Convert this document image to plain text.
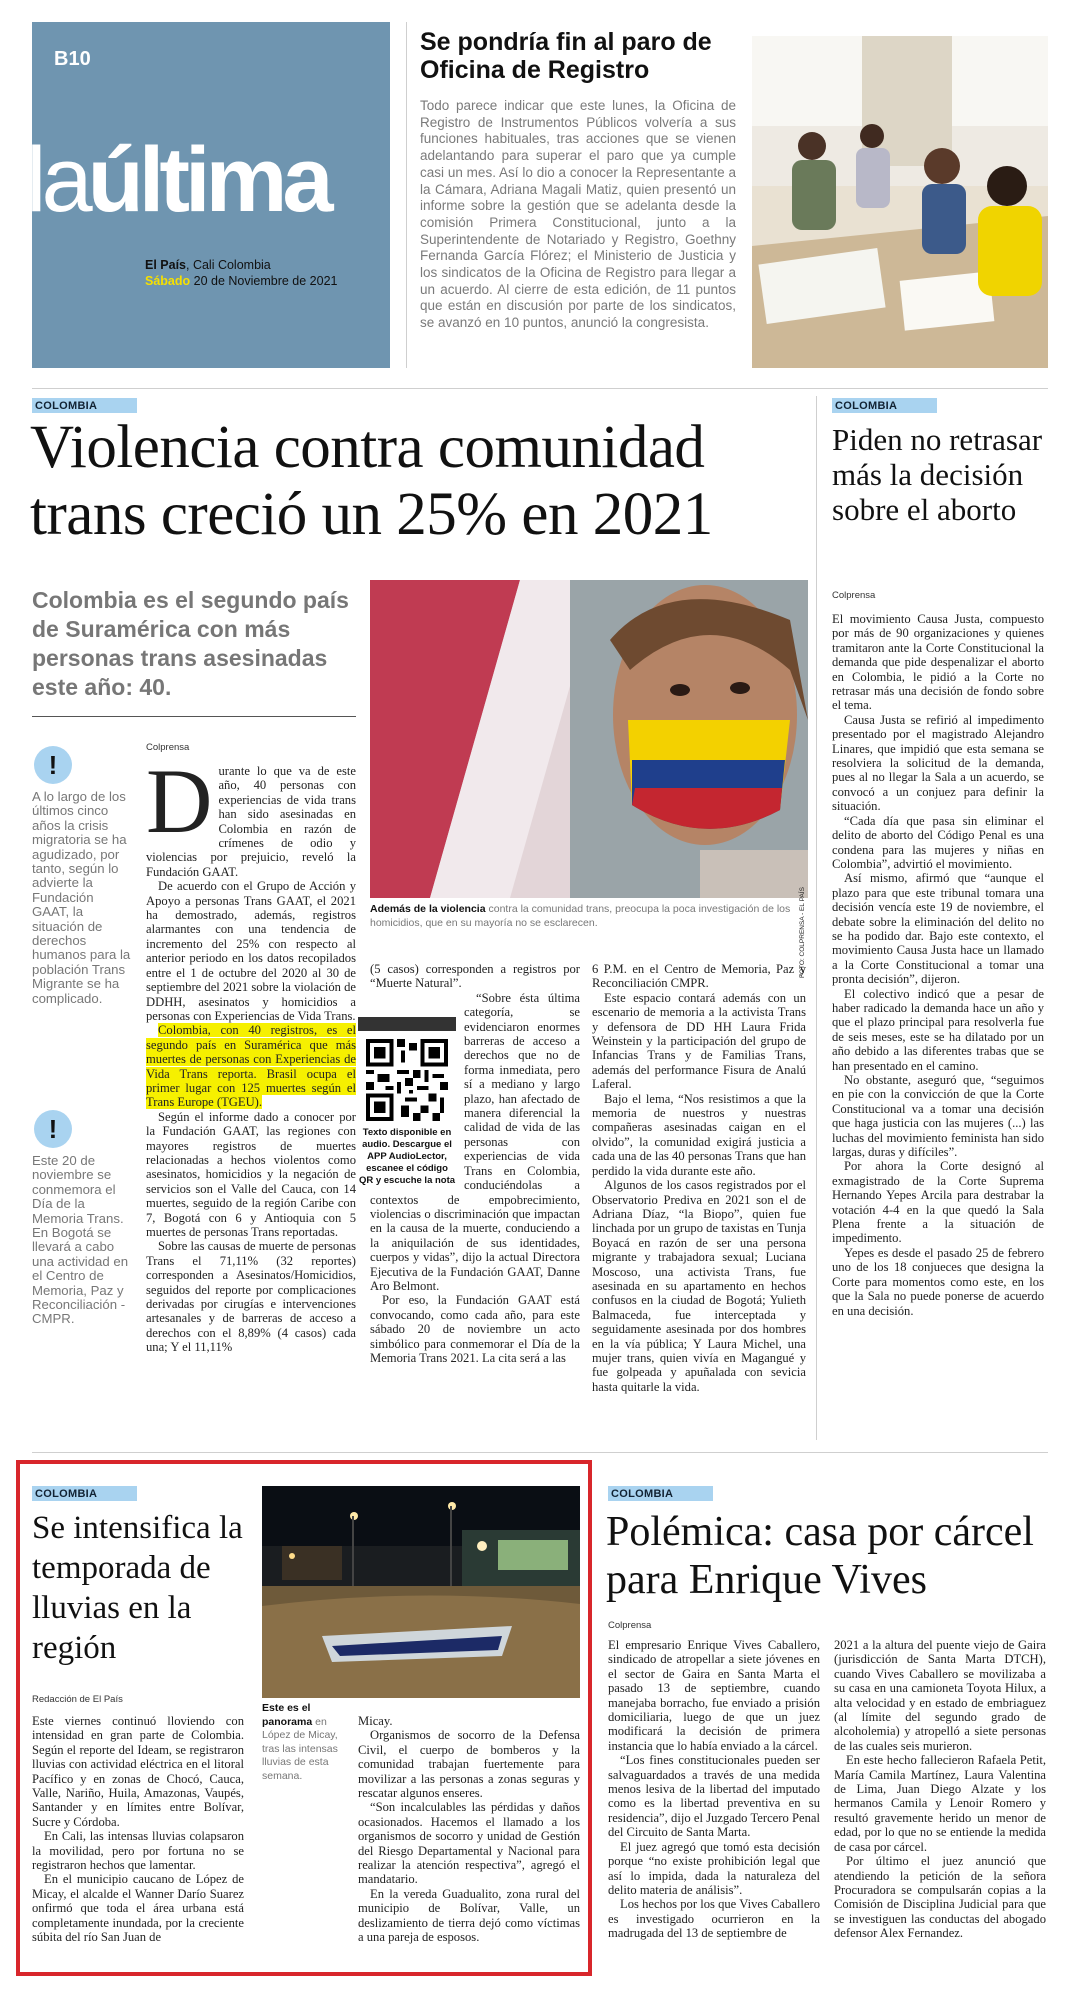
B10
laúltima
El País, Cali Colombia
Sábado 20 de Noviembre de 2021
Se pondría fin al paro de Oficina de Registro
Todo parece indicar que este lunes, la Oficina de Registro de Instrumentos Públicos volvería a sus funciones habituales, tras acciones que se vienen adelantando para superar el paro que ya cumple casi un mes. Así lo dio a conocer la Representante a la Cámara, Adriana Magali Matiz, quien presentó un informe sobre la gestión que se adelanta desde la comisión Primera Constitucional, junto a la Superintendente de Notariado y Registro, Goethny Fernanda García Flórez; el Ministerio de Justicia y los sindicatos de la Oficina de Registro para llegar a un acuerdo. Al cierre de esta edición, de 11 puntos que están en discusión por parte de los sindicatos, se avanzó en 10 puntos, anunció la congresista.
COLOMBIA
Violencia contra comunidad trans creció un 25% en 2021
Colombia es el segundo país de Suramérica con más personas trans asesinadas este año: 40.
FOTO: COLPRENSA - EL PAÍS
Además de la violencia contra la comunidad trans, preocupa la poca investigación de los homicidios, que en su mayoría no se esclarecen.
!
A lo largo de los últimos cinco años la crisis migratoria se ha agudizado, por tanto, según lo advierte la Fundación GAAT, la situación de derechos humanos para la población Trans Migrante se ha complicado.
!
Este 20 de noviembre se conmemora el Día de la Memoria Trans. En Bogotá se llevará a cabo una actividad en el Centro de Memoria, Paz y Reconciliación -CMPR.
Colprensa

Durante lo que va de este año, 40 personas con experiencias de vida trans han sido asesinadas en Colombia en razón de crímenes de odio y violencias por prejuicio, reveló la Fundación GAAT.

De acuerdo con el Grupo de Acción y Apoyo a personas Trans GAAT, el 2021 ha demostrado, además, registros alarmantes con una tendencia de incremento del 25% con respecto al anterior periodo en los datos recopilados entre el 1 de octubre del 2020 al 30 de septiembre del 2021 sobre la violación de DDHH, asesinatos y homicidios a personas con Experiencias de Vida Trans.

Colombia, con 40 registros, es el segundo país en Suramérica que más muertes de personas con Experiencias de Vida Trans reporta. Brasil ocupa el primer lugar con 125 muertes según el Trans Europe (TGEU).

Según el informe dado a conocer por la Fundación GAAT, las regiones con mayores registros de muertes relacionadas a hechos violentos como asesinatos, homicidios y la negación de servicios son el Valle del Cauca, con 14 muertes, seguido de la región Caribe con 7, Bogotá con 6 y Antioquia con 5 muertes de personas Trans reportadas.

Sobre las causas de muerte de personas Trans el 71,11% (32 reportes) corresponden a Asesinatos/Homicidios, seguidos del reporte por complicaciones derivadas por cirugías e intervenciones artesanales y de barreras de acceso a derechos con el 8,89% (4 casos) cada una; Y el 11,11%

(5 casos) corresponden a registros por “Muerte Natural”.

Texto disponible en audio. Descargue el APP AudioLector, escanee el código QR y escuche la nota
“Sobre ésta última categoría, se evidenciaron enormes barreras de acceso a derechos que no de forma inmediata, pero sí a mediano y largo plazo, han afectado de manera diferencial la calidad de vida de las personas con experiencias de vida Trans en Colombia, conduciéndolas a contextos de empobrecimiento, violencias o discriminación que impactan en la causa de la muerte, conduciendo a la aniquilación de sus identidades, cuerpos y vidas”, dijo la actual Directora Ejecutiva de la Fundación GAAT, Danne Aro Belmont.

Por eso, la Fundación GAAT está convocando, como cada año, para este sábado 20 de noviembre un acto simbólico para conmemorar el Día de la Memoria Trans 2021. La cita será a las

6 P.M. en el Centro de Memoria, Paz y Reconciliación CMPR.

Este espacio contará además con un escenario de memoria a la activista Trans y defensora de DD HH Laura Frida Weinstein y la participación del grupo de Infancias Trans y de Familias Trans, además del performance Fisura de Analú Laferal.

Bajo el lema, “Nos resistimos a que la memoria de nuestros y nuestras compañeras asesinadas caigan en el olvido”, la comunidad exigirá justicia a cada una de las 40 personas Trans que han perdido la vida durante este año.

Algunos de los casos registrados por el Observatorio Prediva en 2021 son el de Adriana Díaz, “la Biopo”, quien fue linchada por un grupo de taxistas en Tunja Boyacá en razón de ser una persona migrante y trabajadora sexual; Luciana Moscoso, una activista Trans, fue asesinada en su apartamento en hechos confusos en la ciudad de Bogotá; Yulieth Balmaceda, fue interceptada y seguidamente asesinada por dos hombres en la vía pública; Y Laura Michel, una mujer trans, quien vivía en Magangué y fue golpeada y apuñalada con sevicia hasta quitarle la vida.

COLOMBIA
Piden no retrasar más la decisión sobre el aborto
Colprensa

El movimiento Causa Justa, compuesto por más de 90 organizaciones y quienes tramitaron ante la Corte Constitucional la demanda que pide despenalizar el aborto en Colombia, le pidió a la Corte no retrasar más una decisión de fondo sobre el tema.

Causa Justa se refirió al impedimento presentado por el magistrado Alejandro Linares, que impidió que esta semana se resolviera la solicitud de la demanda, pues al no llegar la Sala a un acuerdo, se convocó a un conjuez para definir la situación.

“Cada día que pasa sin eliminar el delito de aborto del Código Penal es una condena para las mujeres y niñas en Colombia”, advirtió el movimiento.

Así mismo, afirmó que “aunque el plazo para que este tribunal tomara una decisión vencía este 19 de noviembre, el debate sobre la eliminación del delito no se ha podido dar. Bajo este contexto, el movimiento Causa Justa hace un llamado a la Corte Constitucional a tomar una pronta decisión”, dijeron.

El colectivo indicó que a pesar de haber radicado la demanda hace un año y que el plazo principal para resolverla fue de seis meses, este se ha dilatado por un año debido a las diferentes trabas que se han presentado en el camino.

No obstante, aseguró que, “seguimos en pie con la convicción de que la Corte Constitucional va a tomar una decisión que haga justicia con las mujeres (...) las luchas del movimiento feminista han sido largas, duras y difíciles”.

Por ahora la Corte designó al exmagistrado de la Corte Suprema Hernando Yepes Arcila para destrabar la votación 4-4 en la que quedó la Sala Plena frente a la situación de impedimento.

Yepes es desde el pasado 25 de febrero uno de los 18 conjueces que designa la Corte para momentos como este, en los que la Sala no puede ponerse de acuerdo en una decisión.

COLOMBIA
Se intensifica la temporada de lluvias en la región
Redacción de El País
ESPECIAL PARA EL PAÍS
Este es el panorama en López de Micay, tras las intensas lluvias de esta semana.

Este viernes continuó lloviendo con intensidad en gran parte de Colombia. Según el reporte del Ideam, se registraron lluvias con actividad eléctrica en el litoral Pacífico y en zonas de Chocó, Cauca, Valle, Nariño, Huila, Amazonas, Vaupés, Santander y en límites entre Bolívar, Sucre y Córdoba.

En Cali, las intensas lluvias colapsaron la movilidad, pero por fortuna no se registraron hechos que lamentar.

En el municipio caucano de López de Micay, el alcalde el Wanner Darío Suarez onfirmó que toda el área urbana está completamente inundada, por la creciente súbita del río San Juan de

Micay.

Organismos de socorro de la Defensa Civil, el cuerpo de bomberos y la comunidad trabajan fuertemente para movilizar a las personas a zonas seguras y rescatar algunos enseres.

“Son incalculables las pérdidas y daños ocasionados. Hacemos el llamado a los organismos de socorro y unidad de Gestión del Riesgo Departamental y Nacional para realizar la atención respectiva”, agregó el mandatario.

En la vereda Guadualito, zona rural del municipio de Bolívar, Valle, un deslizamiento de tierra dejó como víctimas a una pareja de esposos.

COLOMBIA
Polémica: casa por cárcel para Enrique Vives
Colprensa

El empresario Enrique Vives Caballero, sindicado de atropellar a siete jóvenes en el sector de Gaira en Santa Marta el pasado 13 de septiembre, cuando manejaba borracho, fue enviado a prisión domiciliaria, luego de que un juez modificará la decisión de primera instancia que lo había enviado a la cárcel.

“Los fines constitucionales pueden ser salvaguardados a través de una medida menos lesiva de la libertad del imputado como es la libertad preventiva en su residencia”, dijo el Juzgado Tercero Penal del Circuito de Santa Marta.

El juez agregó que tomó esta decisión porque “no existe prohibición legal que así lo impida, dada la naturaleza del delito materia de análisis”.

Los hechos por los que Vives Caballero es investigado ocurrieron en la madrugada del 13 de septiembre de

2021 a la altura del puente viejo de Gaira (jurisdicción de Santa Marta DTCH), cuando Vives Caballero se movilizaba a su casa en una camioneta Toyota Hilux, a alta velocidad y en estado de embriaguez (al límite del segundo grado de alcoholemia) y atropelló a siete personas de las cuales seis murieron.

En este hecho fallecieron Rafaela Petit, María Camila Martínez, Laura Valentina de Lima, Juan Diego Alzate y los hermanos Camila y Lenoir Romero y resultó gravemente herido un menor de edad, por lo que no se entiende la medida de casa por cárcel.

Por último el juez anunció que atendiendo la petición de la señora Procuradora se compulsarán copias a la Comisión de Disciplina Judicial para que se investiguen las conductas del abogado defensor Alex Fernandez.
